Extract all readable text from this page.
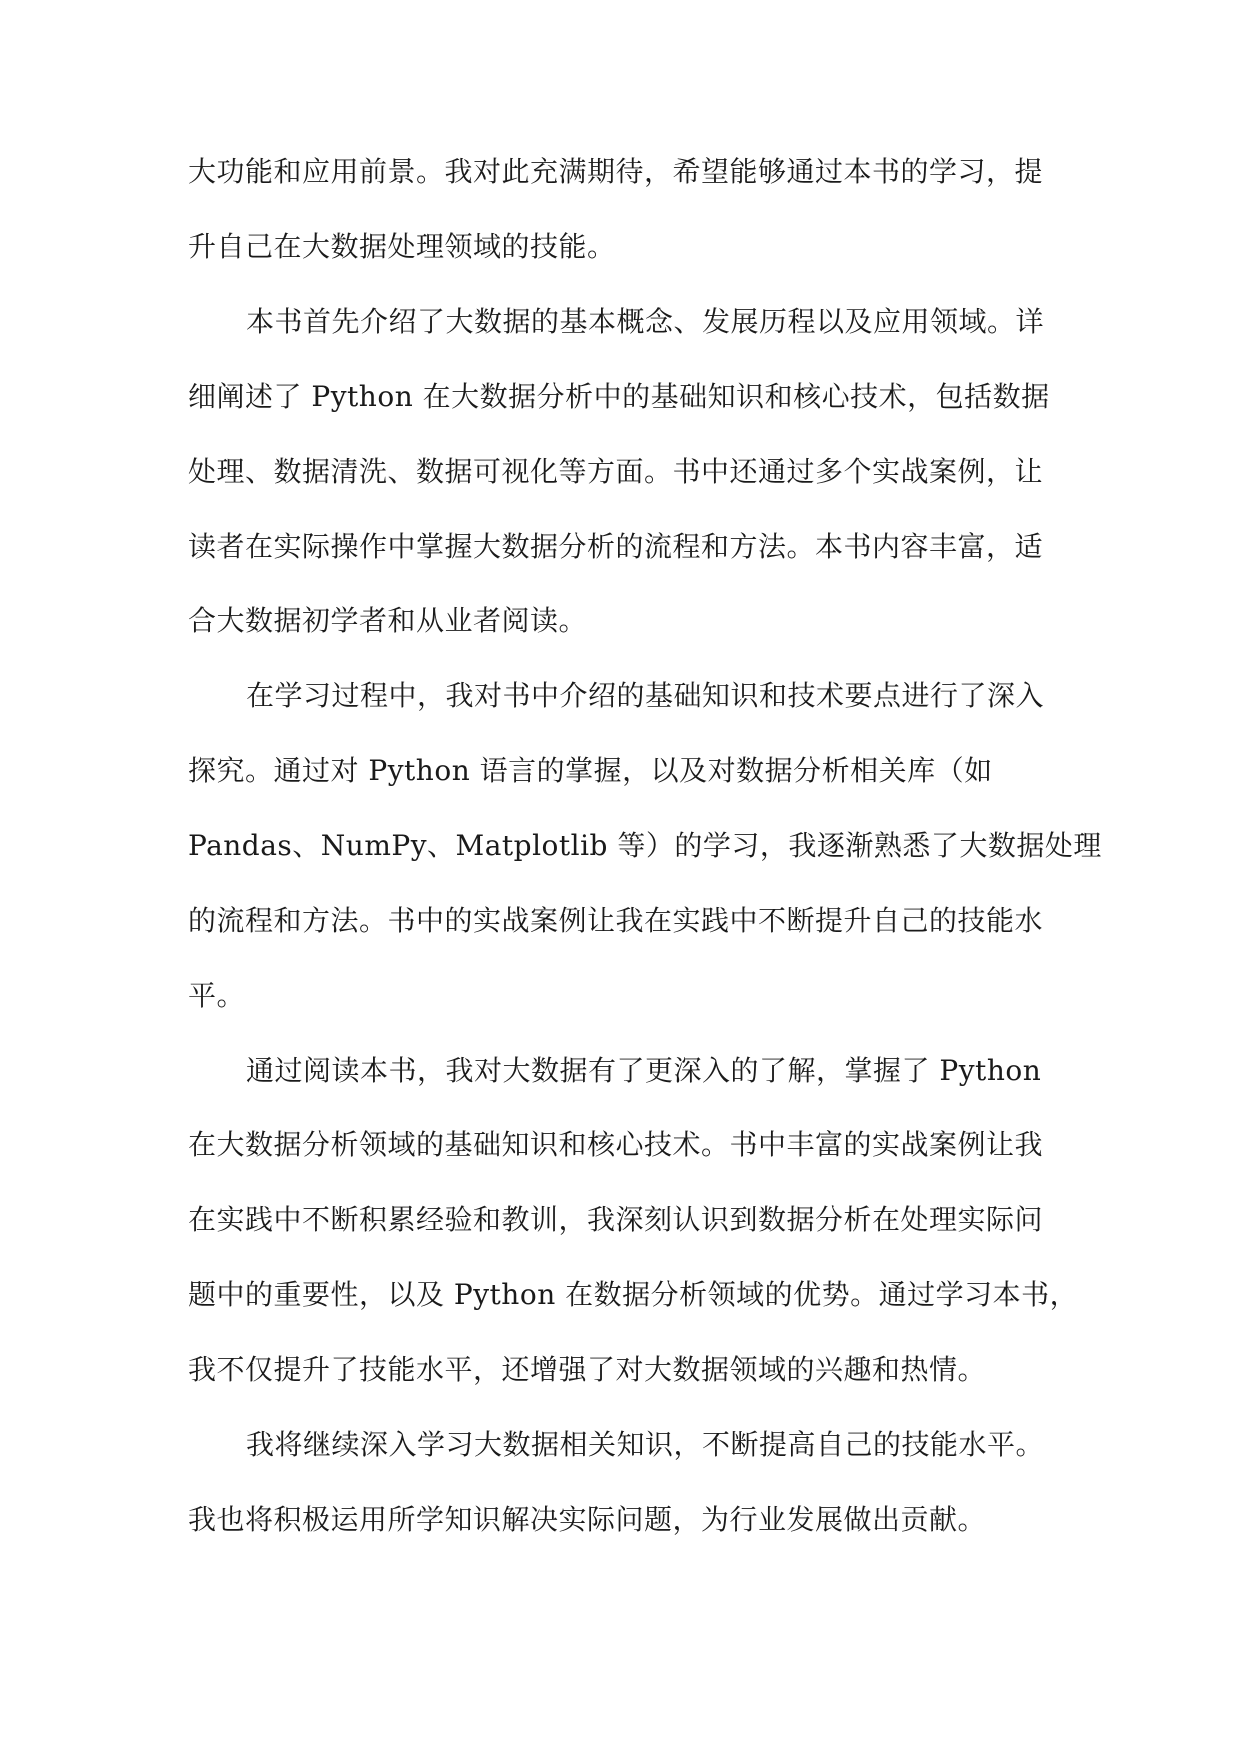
大功能和应用前景。我对此充满期待，希望能够通过本书的学习，提
升自己在大数据处理领域的技能。
本书首先介绍了大数据的基本概念、发展历程以及应用领域。详
细阐述了 Python 在大数据分析中的基础知识和核心技术，包括数据
处理、数据清洗、数据可视化等方面。书中还通过多个实战案例，让
读者在实际操作中掌握大数据分析的流程和方法。本书内容丰富，适
合大数据初学者和从业者阅读。
在学习过程中，我对书中介绍的基础知识和技术要点进行了深入
探究。通过对 Python 语言的掌握，以及对数据分析相关库（如
Pandas、NumPy、Matplotlib 等）的学习，我逐渐熟悉了大数据处理
的流程和方法。书中的实战案例让我在实践中不断提升自己的技能水
平。
通过阅读本书，我对大数据有了更深入的了解，掌握了 Python
在大数据分析领域的基础知识和核心技术。书中丰富的实战案例让我
在实践中不断积累经验和教训，我深刻认识到数据分析在处理实际问
题中的重要性，以及 Python 在数据分析领域的优势。通过学习本书，
我不仅提升了技能水平，还增强了对大数据领域的兴趣和热情。
我将继续深入学习大数据相关知识，不断提高自己的技能水平。
我也将积极运用所学知识解决实际问题，为行业发展做出贡献。
